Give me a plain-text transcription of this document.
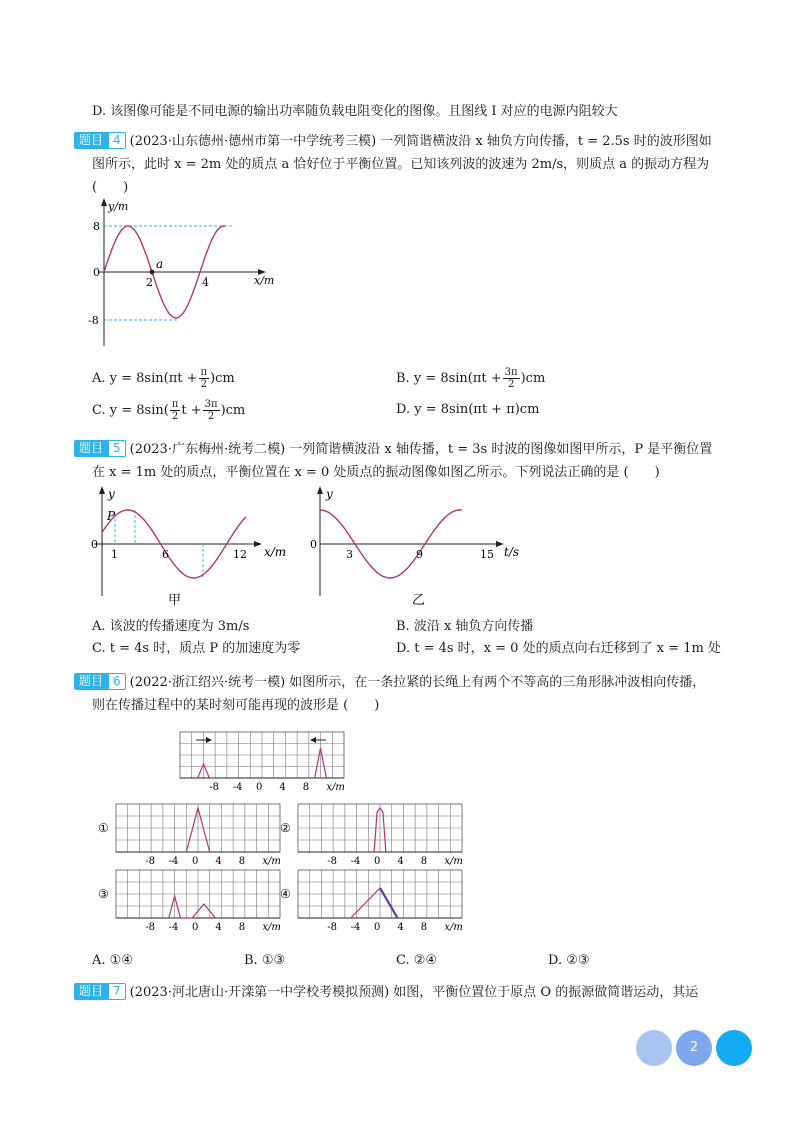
D. 该图像可能是不同电源的输出功率随负载电阻变化的图像。且图线 I 对应的电源内阻较大
题目 4 (2023·山东德州·德州市第一中学统考三模) 一列简谐横波沿 x 轴负方向传播，t = 2.5s 时的波形图如
图所示，此时 x = 2m 处的质点 a 恰好位于平衡位置。已知该列波的波速为 2m/s，则质点 a 的振动方程为
(　　)
y/m
8
0
-8
2	4
a
x/m
A. $y = 8\sin(\pi t + \frac{\pi}{2} )cm$	B. $y = 8\sin(\pi t + \frac{3\pi}{2} )cm$
C. $y = 8\sin( \frac{\pi}{2}$ $t + \frac{3\pi}{2} )cm$	D. y = 8sin(πt + π)cm
题目 5 (2023·广东梅州·统考二模) 一列简谐横波沿 x 轴传播，t = 3s 时波的图像如图甲所示，P 是平衡位置
在 x = 1m 处的质点，平衡位置在 x = 0 处质点的振动图像如图乙所示。下列说法正确的是 (　　)
y
P
0
1	6	12 x/m
甲
y
0
3	9	15 t/s
乙
A. 该波的传播速度为 3m/s	B. 波沿 x 轴负方向传播
C. t = 4s 时，质点 P 的加速度为零	D. t = 4s 时，x = 0 处的质点向右迁移到了 x = 1m 处
题目 6 (2022·浙江绍兴·统考一模) 如图所示，在一条拉紧的长绳上有两个不等高的三角形脉冲波相向传播，
则在传播过程中的某时刻可能再现的波形是 (　　)
-8 -4 0 4 8 x/m
①
-8 -4 0 4 8 x/m
②
-8 -4 0 4 8 x/m
③
-8 -4 0 4 8 x/m
④
-8 -4 0 4 8 x/m
A. ①④	B. ①③	C. ②④	D. ②③
题目 7 (2023·河北唐山·开滦第一中学校考模拟预测) 如图，平衡位置位于原点 O 的振源做简谐运动，其运
2
